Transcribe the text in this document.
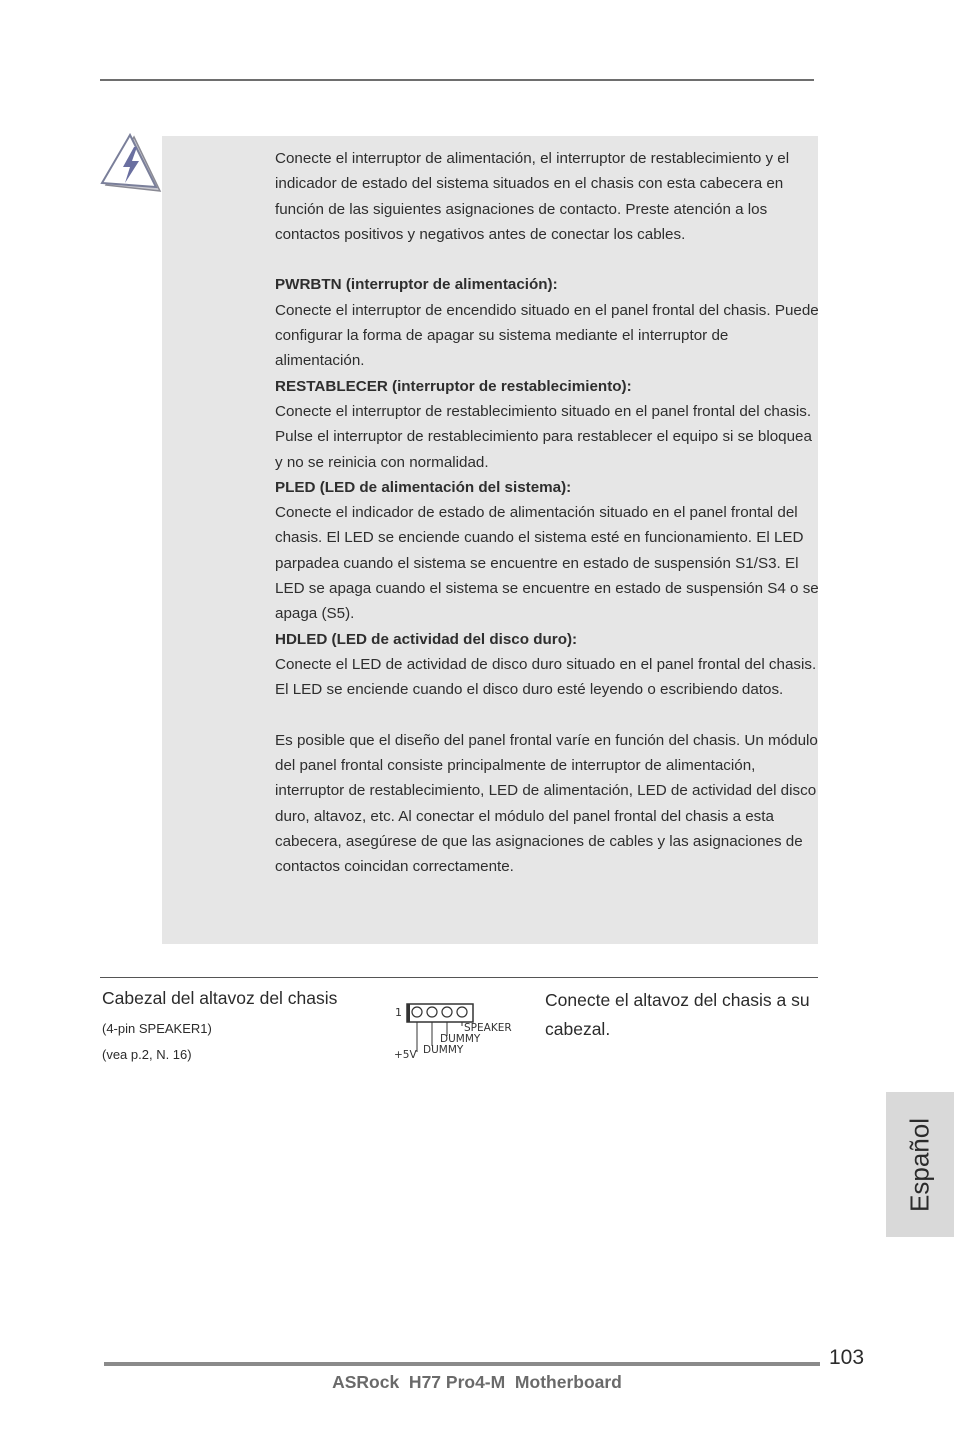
Conecte el interruptor de alimentación, el interruptor de restablecimiento y el indicador de estado del sistema situados en el chasis con esta cabecera en función de las siguientes asignaciones de contacto. Preste atención a los contactos positivos y negativos antes de conectar los cables.

PWRBTN (interruptor de alimentación):

Conecte el interruptor de encendido situado en el panel frontal del chasis. Puede configurar la forma de apagar su sistema mediante el interruptor de alimentación.

RESTABLECER (interruptor de restablecimiento):

Conecte el interruptor de restablecimiento situado en el panel frontal del chasis. Pulse el interruptor de restablecimiento para restablecer el equipo si se bloquea y no se reinicia con normalidad.

PLED (LED de alimentación del sistema):

Conecte el indicador de estado de alimentación situado en el panel frontal del chasis. El LED se enciende cuando el sistema esté en funcionamiento. El LED parpadea cuando el sistema se encuentre en estado de suspensión S1/S3. El LED se apaga cuando el sistema se encuentre en estado de suspensión S4 o se apaga (S5).

HDLED (LED de actividad del disco duro):

Conecte el LED de actividad de disco duro situado en el panel frontal del chasis. El LED se enciende cuando el disco duro esté leyendo o escribiendo datos.

Es posible que el diseño del panel frontal varíe en función del chasis. Un módulo del panel frontal consiste principalmente de interruptor de alimentación, interruptor de restablecimiento, LED de alimentación, LED de actividad del disco duro, altavoz, etc. Al conectar el módulo del panel frontal del chasis a esta cabecera, asegúrese de que las asignaciones de cables y las asignaciones de contactos coincidan correctamente.

Cabezal del altavoz del chasis
(4-pin SPEAKER1)
(vea p.2, N. 16)
1
SPEAKER
DUMMY
DUMMY
+5V
Conecte el altavoz del chasis a su cabezal.
Español
103
ASRock  H77 Pro4-M  Motherboard
